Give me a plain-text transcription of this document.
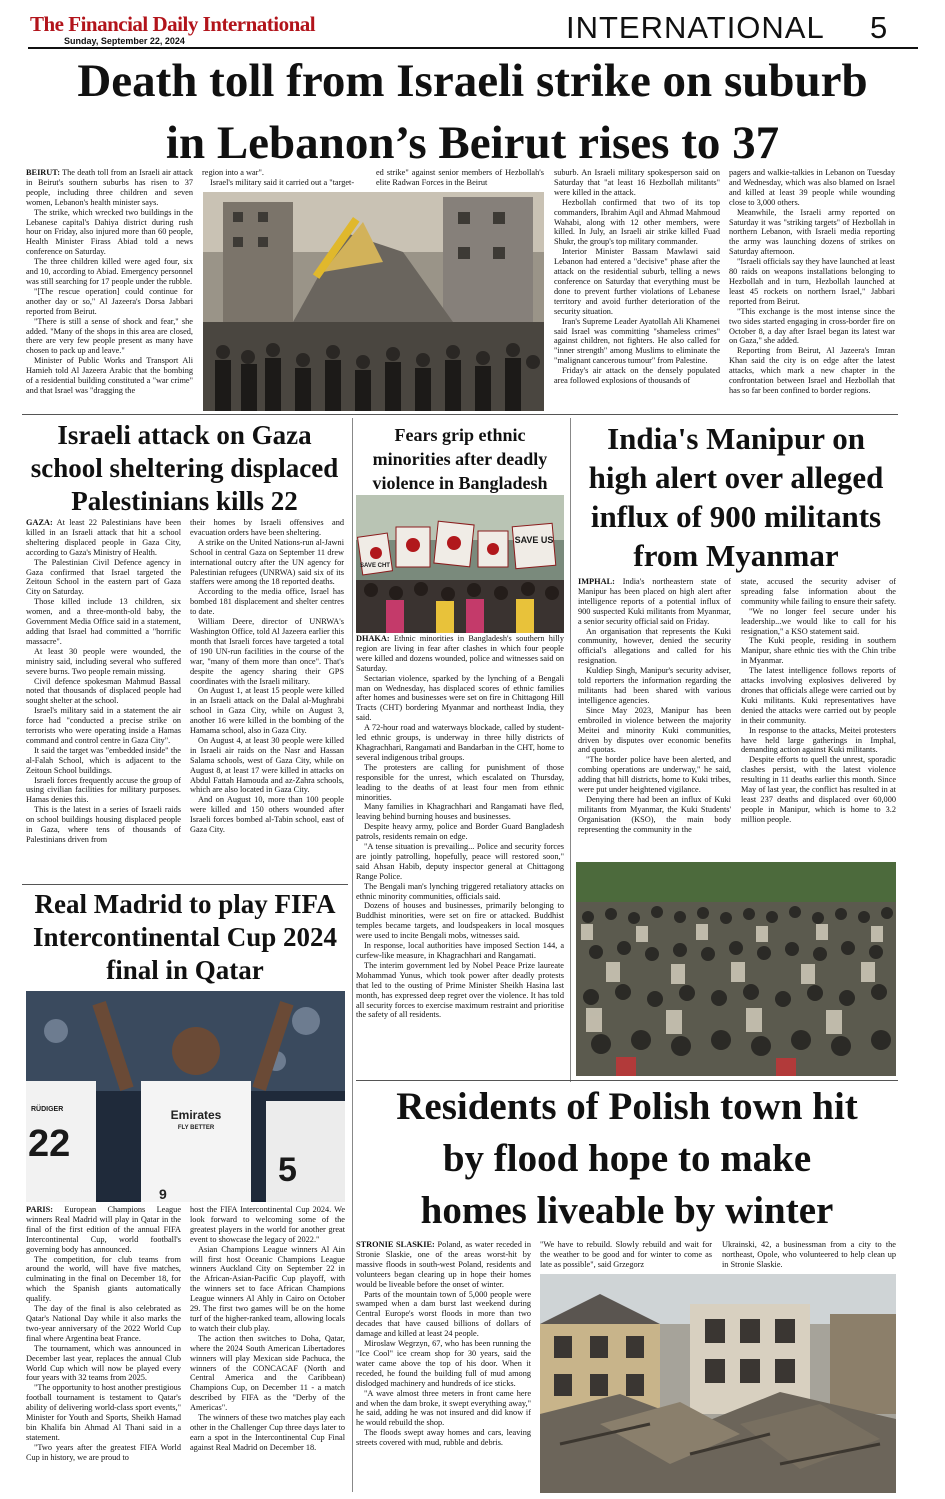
The Financial Daily International
Sunday, September 22, 2024	INTERNATIONAL 5
Death toll from Israeli strike on suburb
in Lebanon’s Beirut rises to 37

BEIRUT: The death toll from an Israeli air attack in Beirut's southern suburbs has risen to 37 people, including three children and seven women, Lebanon's health minister says.

The strike, which wrecked two buildings in the Lebanese capital's Dahiya district during rush hour on Friday, also injured more than 60 people, Health Minister Firass Abiad told a news conference on Saturday.

The three children killed were aged four, six and 10, according to Abiad. Emergency personnel was still searching for 17 people under the rubble.

"[The rescue operation] could continue for another day or so," Al Jazeera's Dorsa Jabbari reported from Beirut.

"There is still a sense of shock and fear," she added. "Many of the shops in this area are closed, there are very few people present as many have chosen to pack up and leave."

Minister of Public Works and Transport Ali Hamieh told Al Jazeera Arabic that the bombing of a residential building constituted a "war crime" and that Israel was "dragging the

region into a war".

Israel's military said it carried out a "target-

ed strike" against senior members of Hezbollah's elite Radwan Forces in the Beirut

suburb. An Israeli military spokesperson said on Saturday that "at least 16 Hezbollah militants" were killed in the attack.

Hezbollah confirmed that two of its top commanders, Ibrahim Aqil and Ahmad Mahmoud Wahabi, along with 12 other members, were killed. In July, an Israeli air strike killed Fuad Shukr, the group's top military commander.

Interior Minister Bassam Mawlawi said Lebanon had entered a "decisive" phase after the attack on the residential suburb, telling a news conference on Saturday that everything must be done to prevent further violations of Lebanese territory and avoid further deterioration of the security situation.

Iran's Supreme Leader Ayatollah Ali Khamenei said Israel was committing "shameless crimes" against children, not fighters. He also called for "inner strength" among Muslims to eliminate the "malignant cancerous tumour" from Palestine.

Friday's air attack on the densely populated area followed explosions of thousands of

pagers and walkie-talkies in Lebanon on Tuesday and Wednesday, which was also blamed on Israel and killed at least 39 people while wounding close to 3,000 others.

Meanwhile, the Israeli army reported on Saturday it was "striking targets" of Hezbollah in northern Lebanon, with Israeli media reporting the army was launching dozens of strikes on Saturday afternoon.

"Israeli officials say they have launched at least 80 raids on weapons installations belonging to Hezbollah and in turn, Hezbollah launched at least 45 rockets on northern Israel," Jabbari reported from Beirut.

"This exchange is the most intense since the two sides started engaging in cross-border fire on October 8, a day after Israel began its latest war on Gaza," she added.

Reporting from Beirut, Al Jazeera's Imran Khan said the city is on edge after the latest attacks, which mark a new chapter in the confrontation between Israel and Hezbollah that has so far been confined to border regions.

Israeli attack on Gaza
school sheltering displaced
Palestinians kills 22

GAZA: At least 22 Palestinians have been killed in an Israeli attack that hit a school sheltering displaced people in Gaza City, according to Gaza's Ministry of Health.

The Palestinian Civil Defence agency in Gaza confirmed that Israel targeted the Zeitoun School in the eastern part of Gaza City on Saturday.

Those killed include 13 children, six women, and a three-month-old baby, the Government Media Office said in a statement, adding that Israel had committed a "horrific massacre".

At least 30 people were wounded, the ministry said, including several who suffered severe burns. Two people remain missing.

Civil defence spokesman Mahmud Bassal noted that thousands of displaced people had sought shelter at the school.

Israel's military said in a statement the air force had "conducted a precise strike on terrorists who were operating inside a Hamas command and control centre in Gaza City".

It said the target was "embedded inside" the al-Falah School, which is adjacent to the Zeitoun School buildings.

Israeli forces frequently accuse the group of using civilian facilities for military purposes. Hamas denies this.

This is the latest in a series of Israeli raids on school buildings housing displaced people in Gaza, where tens of thousands of Palestinians driven from

their homes by Israeli offensives and evacuation orders have been sheltering.

A strike on the United Nations-run al-Jawni School in central Gaza on September 11 drew international outcry after the UN agency for Palestinian refugees (UNRWA) said six of its staffers were among the 18 reported deaths.

According to the media office, Israel has bombed 181 displacement and shelter centres to date.

William Deere, director of UNRWA's Washington Office, told Al Jazeera earlier this month that Israeli forces have targeted a total of 190 UN-run facilities in the course of the war, "many of them more than once". That's despite the agency sharing their GPS coordinates with the Israeli military.

On August 1, at least 15 people were killed in an Israeli attack on the Dalal al-Mughrabi school in Gaza City, while on August 3, another 16 were killed in the bombing of the Hamama school, also in Gaza City.

On August 4, at least 30 people were killed in Israeli air raids on the Nasr and Hassan Salama schools, west of Gaza City, while on August 8, at least 17 were killed in attacks on Abdul Fattah Hamouda and az-Zahra schools, which are also located in Gaza City.

And on August 10, more than 100 people were killed and 150 others wounded after Israeli forces bombed al-Tabin school, east of Gaza City.

Fears grip ethnic
minorities after deadly
violence in Bangladesh
SAVE US
SAVE CHT

DHAKA: Ethnic minorities in Bangladesh's southern hilly region are living in fear after clashes in which four people were killed and dozens wounded, police and witnesses said on Saturday.

Sectarian violence, sparked by the lynching of a Bengali man on Wednesday, has displaced scores of ethnic families after homes and businesses were set on fire in Chittagong Hill Tracts (CHT) bordering Myanmar and northeast India, they said.

A 72-hour road and waterways blockade, called by student-led ethnic groups, is underway in three hilly districts of Khagrachhari, Rangamati and Bandarban in the CHT, home to several indigenous tribal groups.

The protesters are calling for punishment of those responsible for the unrest, which escalated on Thursday, leading to the deaths of at least four men from ethnic minorities.

Many families in Khagrachhari and Rangamati have fled, leaving behind burning houses and businesses.

Despite heavy army, police and Border Guard Bangladesh patrols, residents remain on edge.

"A tense situation is prevailing... Police and security forces are jointly patrolling, hopefully, peace will restored soon," said Ahsan Habib, deputy inspector general at Chittagong Range Police.

The Bengali man's lynching triggered retaliatory attacks on ethnic minority communities, officials said.

Dozens of houses and businesses, primarily belonging to Buddhist minorities, were set on fire or attacked. Buddhist temples became targets, and loudspeakers in local mosques were used to incite Bengali mobs, witnesses said.

In response, local authorities have imposed Section 144, a curfew-like measure, in Khagrachhari and Rangamati.

The interim government led by Nobel Peace Prize laureate Mohammad Yunus, which took power after deadly protests that led to the ousting of Prime Minister Sheikh Hasina last month, has expressed deep regret over the violence. It has told all security forces to exercise maximum restraint and prioritise the safety of all residents.

India's Manipur on
high alert over alleged
influx of 900 militants
from Myanmar

IMPHAL: India's northeastern state of Manipur has been placed on high alert after intelligence reports of a potential influx of 900 suspected Kuki militants from Myanmar, a senior security official said on Friday.

An organisation that represents the Kuki community, however, denied the security official's allegations and called for his resignation.

Kuldiep Singh, Manipur's security adviser, told reporters the information regarding the militants had been shared with various intelligence agencies.

Since May 2023, Manipur has been embroiled in violence between the majority Meitei and minority Kuki communities, driven by disputes over economic benefits and quotas.

"The border police have been alerted, and combing operations are underway," he said, adding that hill districts, home to Kuki tribes, were put under heightened vigilance.

Denying there had been an influx of Kuki militants from Myanmar, the Kuki Students' Organisation (KSO), the main body representing the community in the

state, accused the security adviser of spreading false information about the community while failing to ensure their safety.

"We no longer feel secure under his leadership...we would like to call for his resignation," a KSO statement said.

The Kuki people, residing in southern Manipur, share ethnic ties with the Chin tribe in Myanmar.

The latest intelligence follows reports of attacks involving explosives delivered by drones that officials allege were carried out by Kuki militants. Kuki representatives have denied the attacks were carried out by people in their community.

In response to the attacks, Meitei protesters have held large gatherings in Imphal, demanding action against Kuki militants.

Despite efforts to quell the unrest, sporadic clashes persist, with the latest violence resulting in 11 deaths earlier this month. Since May of last year, the conflict has resulted in at least 237 deaths and displaced over 60,000 people in Manipur, which is home to 3.2 million people.

Real Madrid to play FIFA
Intercontinental Cup 2024
final in Qatar
RÜDIGER
22
Emirates
FLY BETTER
9
5

PARIS: European Champions League winners Real Madrid will play in Qatar in the final of the first edition of the annual FIFA Intercontinental Cup, world football's governing body has announced.

The competition, for club teams from around the world, will have five matches, culminating in the final on December 18, for which the Spanish giants automatically qualify.

The day of the final is also celebrated as Qatar's National Day while it also marks the two-year anniversary of the 2022 World Cup final where Argentina beat France.

The tournament, which was announced in December last year, replaces the annual Club World Cup which will now be played every four years with 32 teams from 2025.

"The opportunity to host another prestigious football tournament is testament to Qatar's ability of delivering world-class sport events," Minister for Youth and Sports, Sheikh Hamad bin Khalifa bin Ahmad Al Thani said in a statement.

"Two years after the greatest FIFA World Cup in history, we are proud to

host the FIFA Intercontinental Cup 2024. We look forward to welcoming some of the greatest players in the world for another great event to showcase the legacy of 2022."

Asian Champions League winners Al Ain will first host Oceanic Champions League winners Auckland City on September 22 in the African-Asian-Pacific Cup playoff, with the winners set to face African Champions League winners Al Ahly in Cairo on October 29. The first two games will be on the home turf of the higher-ranked team, allowing locals to watch their club play.

The action then switches to Doha, Qatar, where the 2024 South American Libertadores winners will play Mexican side Pachuca, the winners of the CONCACAF (North and Central America and the Caribbean) Champions Cup, on December 11 - a match described by FIFA as the "Derby of the Americas".

The winners of these two matches play each other in the Challenger Cup three days later to earn a spot in the Intercontinental Cup Final against Real Madrid on December 18.

Residents of Polish town hit
by flood hope to make
homes liveable by winter

STRONIE SLASKIE: Poland, as water receded in Stronie Slaskie, one of the areas worst-hit by massive floods in south-west Poland, residents and volunteers began clearing up in hope their homes would be liveable before the onset of winter.

Parts of the mountain town of 5,000 people were swamped when a dam burst last weekend during Central Europe's worst floods in more than two decades that have caused billions of dollars of damage and killed at least 24 people.

Miroslaw Wegrzyn, 67, who has been running the "Ice Cool" ice cream shop for 30 years, said the water came above the top of his door. When it receded, he found the building full of mud among dislodged machinery and hundreds of ice sticks.

"A wave almost three meters in front came here and when the dam broke, it swept everything away," he said, adding he was not insured and did know if he would rebuild the shop.

The floods swept away homes and cars, leaving streets covered with mud, rubble and debris.

"We have to rebuild. Slowly rebuild and wait for the weather to be good and for winter to come as late as possible", said Grzegorz

Ukrainski, 42, a businessman from a city to the northeast, Opole, who volunteered to help clean up in Stronie Slaskie.
